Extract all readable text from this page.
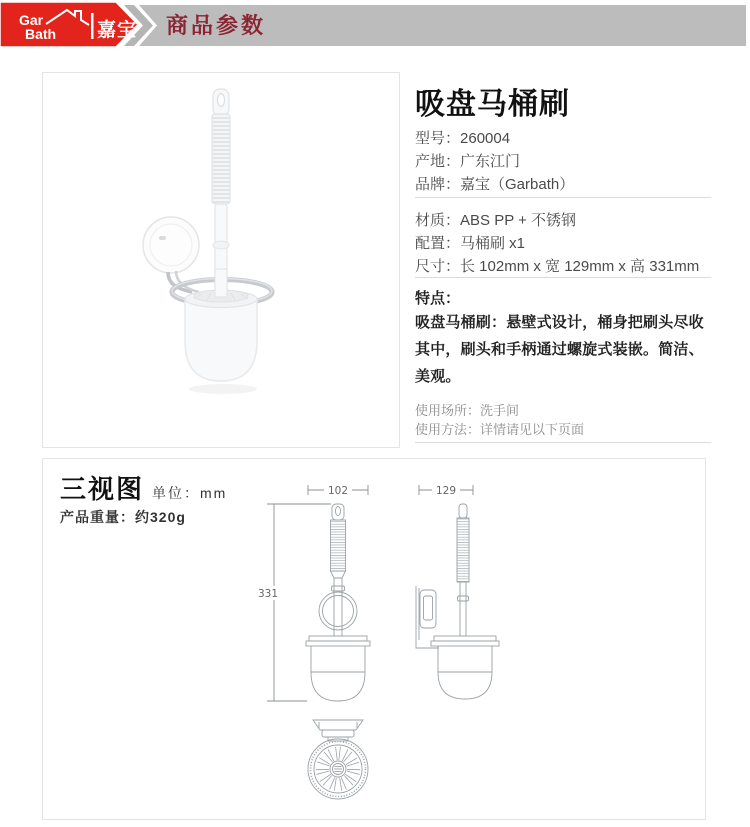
Gar
Bath 嘉宝 商品参数
吸盘马桶刷
型号：260004
产地：广东江门
品牌：嘉宝（Garbath）
材质：ABS PP + 不锈钢
配置：马桶刷 x1
尺寸：长 102mm x 宽 129mm x 高 331mm
特点：
吸盘马桶刷：悬壁式设计，桶身把刷头尽收其中，刷头和手柄通过螺旋式装嵌。简洁、美观。
使用场所：洗手间
使用方法：详情请见以下页面
三视图 单位：mm
产品重量：约320g
102	129
331
